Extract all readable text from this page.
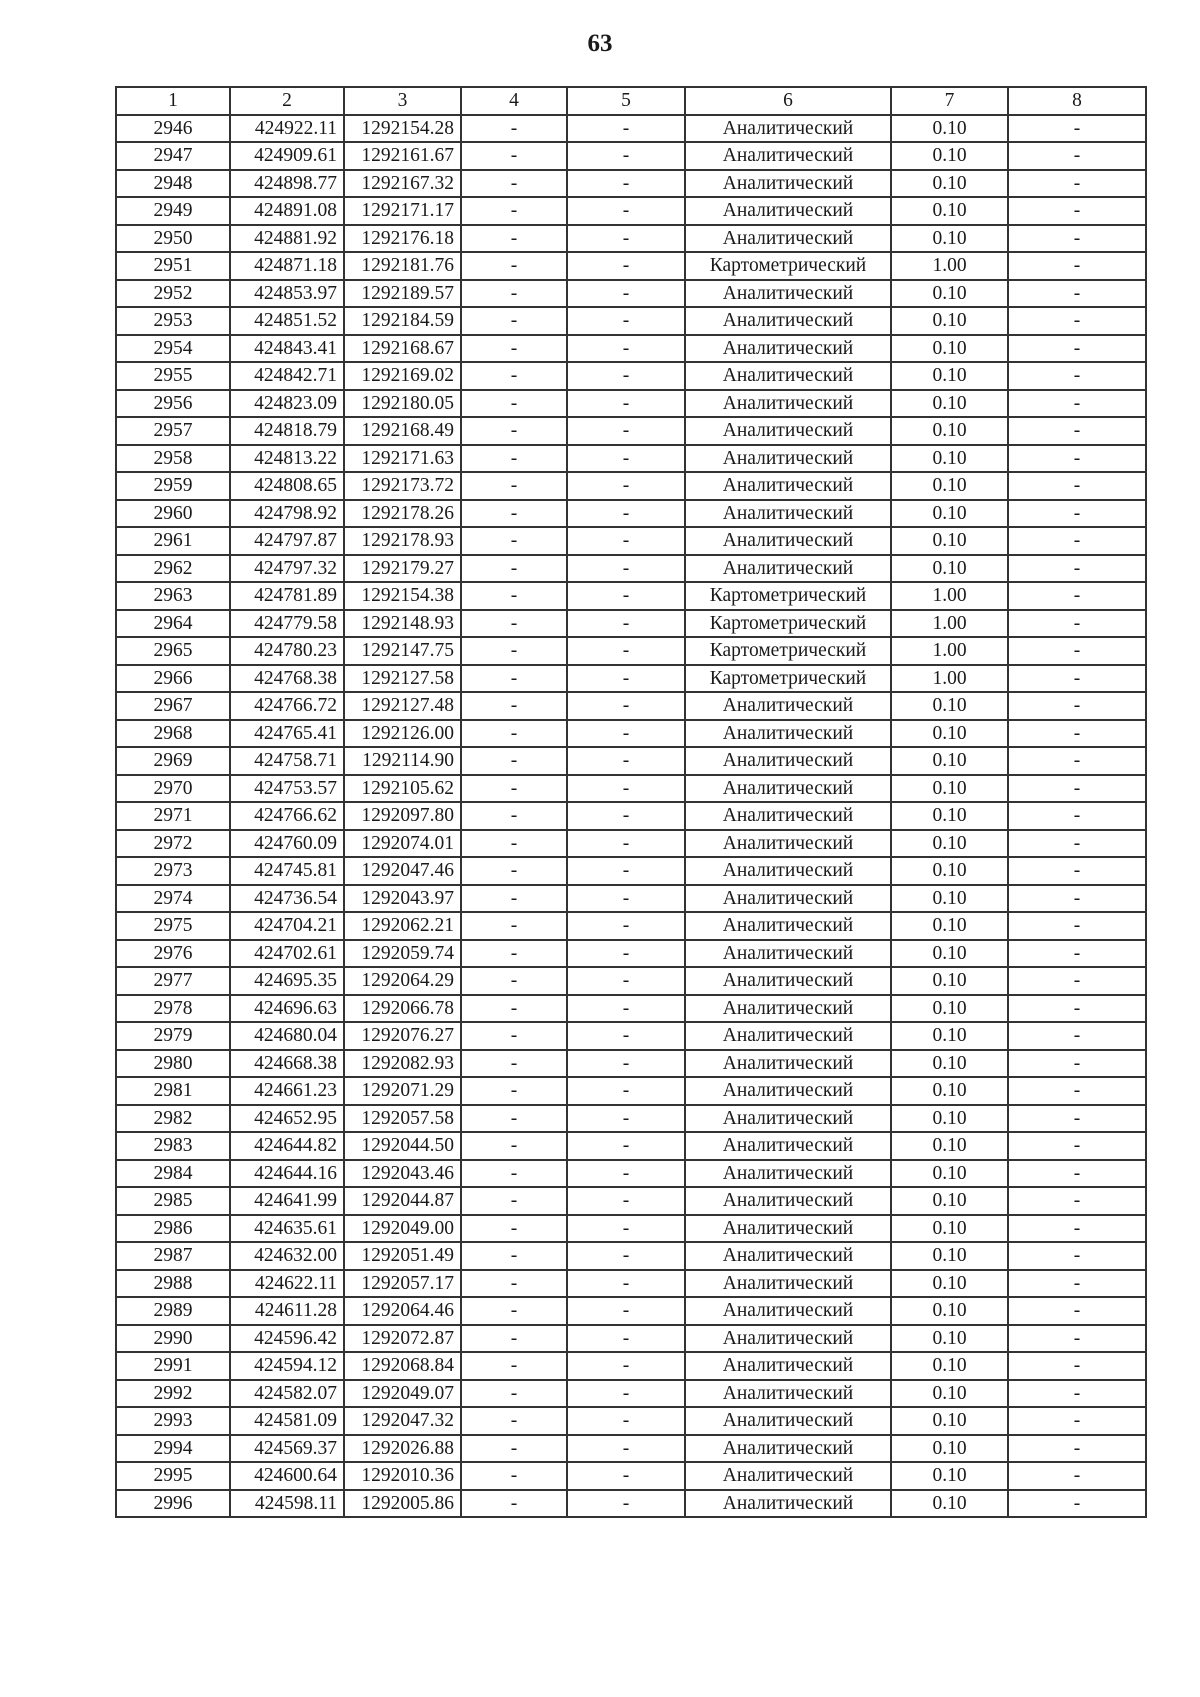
63
1	2	3	4	5	6	7	8
2946	424922.11	1292154.28	-	-	Аналитический	0.10	-
2947	424909.61	1292161.67	-	-	Аналитический	0.10	-
2948	424898.77	1292167.32	-	-	Аналитический	0.10	-
2949	424891.08	1292171.17	-	-	Аналитический	0.10	-
2950	424881.92	1292176.18	-	-	Аналитический	0.10	-
2951	424871.18	1292181.76	-	-	Картометрический	1.00	-
2952	424853.97	1292189.57	-	-	Аналитический	0.10	-
2953	424851.52	1292184.59	-	-	Аналитический	0.10	-
2954	424843.41	1292168.67	-	-	Аналитический	0.10	-
2955	424842.71	1292169.02	-	-	Аналитический	0.10	-
2956	424823.09	1292180.05	-	-	Аналитический	0.10	-
2957	424818.79	1292168.49	-	-	Аналитический	0.10	-
2958	424813.22	1292171.63	-	-	Аналитический	0.10	-
2959	424808.65	1292173.72	-	-	Аналитический	0.10	-
2960	424798.92	1292178.26	-	-	Аналитический	0.10	-
2961	424797.87	1292178.93	-	-	Аналитический	0.10	-
2962	424797.32	1292179.27	-	-	Аналитический	0.10	-
2963	424781.89	1292154.38	-	-	Картометрический	1.00	-
2964	424779.58	1292148.93	-	-	Картометрический	1.00	-
2965	424780.23	1292147.75	-	-	Картометрический	1.00	-
2966	424768.38	1292127.58	-	-	Картометрический	1.00	-
2967	424766.72	1292127.48	-	-	Аналитический	0.10	-
2968	424765.41	1292126.00	-	-	Аналитический	0.10	-
2969	424758.71	1292114.90	-	-	Аналитический	0.10	-
2970	424753.57	1292105.62	-	-	Аналитический	0.10	-
2971	424766.62	1292097.80	-	-	Аналитический	0.10	-
2972	424760.09	1292074.01	-	-	Аналитический	0.10	-
2973	424745.81	1292047.46	-	-	Аналитический	0.10	-
2974	424736.54	1292043.97	-	-	Аналитический	0.10	-
2975	424704.21	1292062.21	-	-	Аналитический	0.10	-
2976	424702.61	1292059.74	-	-	Аналитический	0.10	-
2977	424695.35	1292064.29	-	-	Аналитический	0.10	-
2978	424696.63	1292066.78	-	-	Аналитический	0.10	-
2979	424680.04	1292076.27	-	-	Аналитический	0.10	-
2980	424668.38	1292082.93	-	-	Аналитический	0.10	-
2981	424661.23	1292071.29	-	-	Аналитический	0.10	-
2982	424652.95	1292057.58	-	-	Аналитический	0.10	-
2983	424644.82	1292044.50	-	-	Аналитический	0.10	-
2984	424644.16	1292043.46	-	-	Аналитический	0.10	-
2985	424641.99	1292044.87	-	-	Аналитический	0.10	-
2986	424635.61	1292049.00	-	-	Аналитический	0.10	-
2987	424632.00	1292051.49	-	-	Аналитический	0.10	-
2988	424622.11	1292057.17	-	-	Аналитический	0.10	-
2989	424611.28	1292064.46	-	-	Аналитический	0.10	-
2990	424596.42	1292072.87	-	-	Аналитический	0.10	-
2991	424594.12	1292068.84	-	-	Аналитический	0.10	-
2992	424582.07	1292049.07	-	-	Аналитический	0.10	-
2993	424581.09	1292047.32	-	-	Аналитический	0.10	-
2994	424569.37	1292026.88	-	-	Аналитический	0.10	-
2995	424600.64	1292010.36	-	-	Аналитический	0.10	-
2996	424598.11	1292005.86	-	-	Аналитический	0.10	-
